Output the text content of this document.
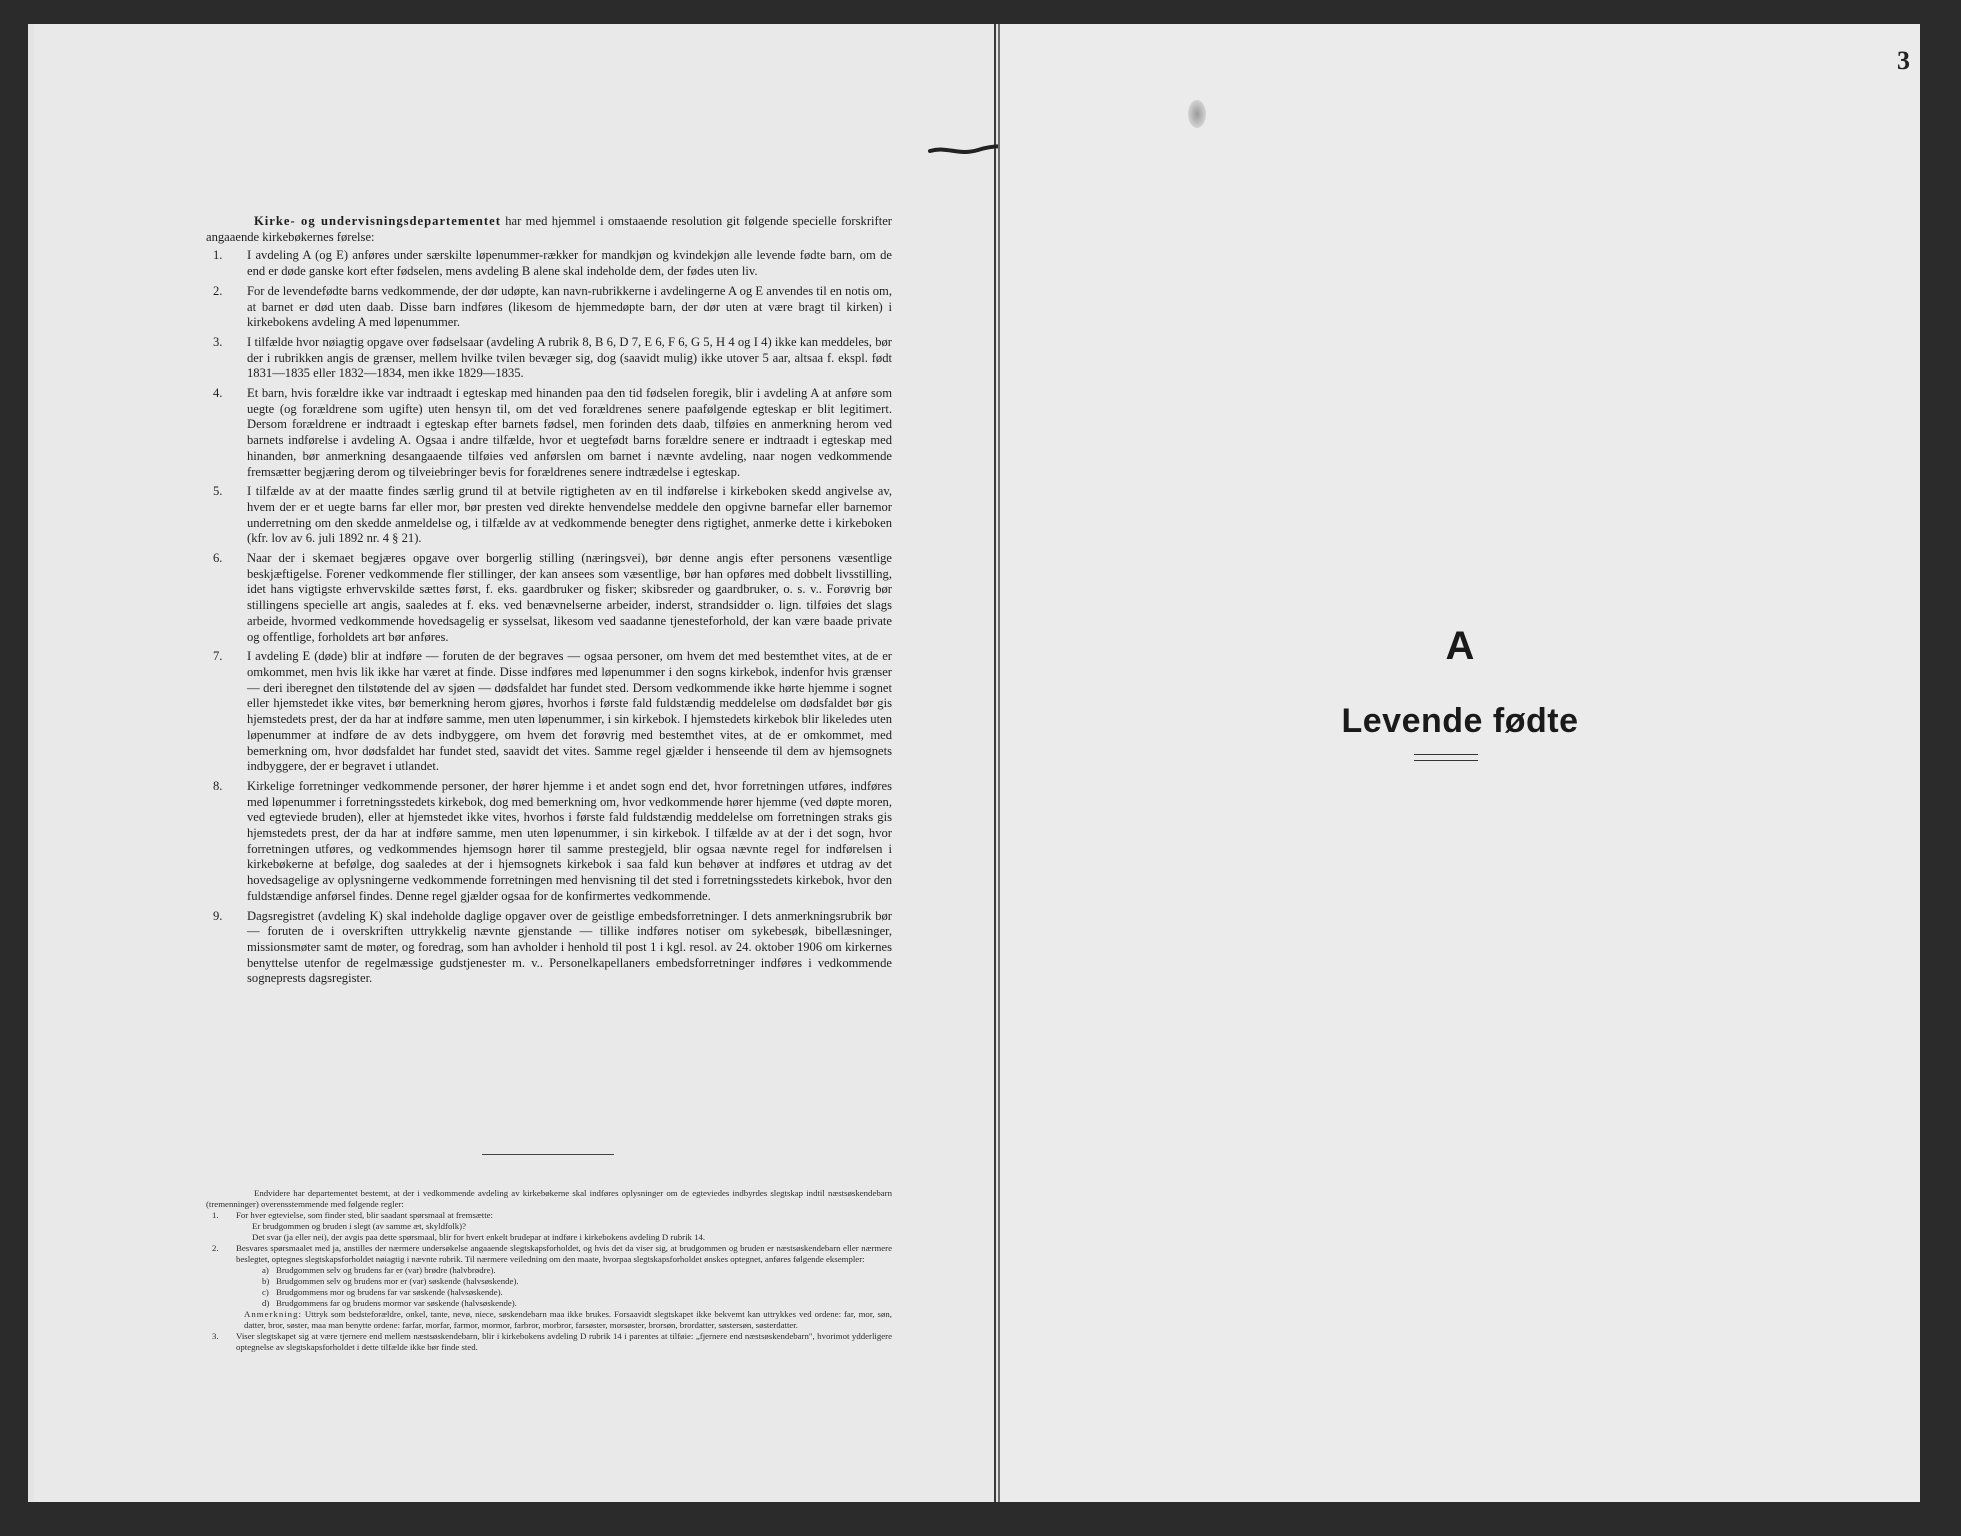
Kirke- og undervisningsdepartementet har med hjemmel i omstaaende resolution git følgende specielle forskrifter angaaende kirkebøkernes førelse:

1.	I avdeling A (og E) anføres under særskilte løpenummer-rækker for mandkjøn og kvindekjøn alle levende fødte barn, om de end er døde ganske kort efter fødselen, mens avdeling B alene skal indeholde dem, der fødes uten liv.
2.	For de levendefødte barns vedkommende, der dør udøpte, kan navn-rubrikkerne i avdelingerne A og E anvendes til en notis om, at barnet er død uten daab. Disse barn indføres (likesom de hjemmedøpte barn, der dør uten at være bragt til kirken) i kirkebokens avdeling A med løpenummer.
3.	I tilfælde hvor nøiagtig opgave over fødselsaar (avdeling A rubrik 8, B 6, D 7, E 6, F 6, G 5, H 4 og I 4) ikke kan meddeles, bør der i rubrikken angis de grænser, mellem hvilke tvilen bevæger sig, dog (saavidt mulig) ikke utover 5 aar, altsaa f. ekspl. født 1831—1835 eller 1832—1834, men ikke 1829—1835.
4.	Et barn, hvis forældre ikke var indtraadt i egteskap med hinanden paa den tid fødselen foregik, blir i avdeling A at anføre som uegte (og forældrene som ugifte) uten hensyn til, om det ved forældrenes senere paafølgende egteskap er blit legitimert. Dersom forældrene er indtraadt i egteskap efter barnets fødsel, men forinden dets daab, tilføies en anmerkning herom ved barnets indførelse i avdeling A. Ogsaa i andre tilfælde, hvor et uegtefødt barns forældre senere er indtraadt i egteskap med hinanden, bør anmerkning desangaaende tilføies ved anførslen om barnet i nævnte avdeling, naar nogen vedkommende fremsætter begjæring derom og tilveiebringer bevis for forældrenes senere indtrædelse i egteskap.
5.	I tilfælde av at der maatte findes særlig grund til at betvile rigtigheten av en til indførelse i kirkeboken skedd angivelse av, hvem der er et uegte barns far eller mor, bør presten ved direkte henvendelse meddele den opgivne barnefar eller barnemor underretning om den skedde anmeldelse og, i tilfælde av at vedkommende benegter dens rigtighet, anmerke dette i kirkeboken (kfr. lov av 6. juli 1892 nr. 4 § 21).
6.	Naar der i skemaet begjæres opgave over borgerlig stilling (næringsvei), bør denne angis efter personens væsentlige beskjæftigelse. Forener vedkommende fler stillinger, der kan ansees som væsentlige, bør han opføres med dobbelt livsstilling, idet hans vigtigste erhvervskilde sættes først, f. eks. gaardbruker og fisker; skibsreder og gaardbruker, o. s. v.. Forøvrig bør stillingens specielle art angis, saaledes at f. eks. ved benævnelserne arbeider, inderst, strandsidder o. lign. tilføies det slags arbeide, hvormed vedkommende hovedsagelig er sysselsat, likesom ved saadanne tjenesteforhold, der kan være baade private og offentlige, forholdets art bør anføres.
7.	I avdeling E (døde) blir at indføre — foruten de der begraves — ogsaa personer, om hvem det med bestemthet vites, at de er omkommet, men hvis lik ikke har været at finde. Disse indføres med løpenummer i den sogns kirkebok, indenfor hvis grænser — deri iberegnet den tilstøtende del av sjøen — dødsfaldet har fundet sted. Dersom vedkommende ikke hørte hjemme i sognet eller hjemstedet ikke vites, bør bemerkning herom gjøres, hvorhos i første fald fuldstændig meddelelse om dødsfaldet bør gis hjemstedets prest, der da har at indføre samme, men uten løpenummer, i sin kirkebok. I hjemstedets kirkebok blir likeledes uten løpenummer at indføre de av dets indbyggere, om hvem det forøvrig med bestemthet vites, at de er omkommet, med bemerkning om, hvor dødsfaldet har fundet sted, saavidt det vites. Samme regel gjælder i henseende til dem av hjemsognets indbyggere, der er begravet i utlandet.
8.	Kirkelige forretninger vedkommende personer, der hører hjemme i et andet sogn end det, hvor forretningen utføres, indføres med løpenummer i forretningsstedets kirkebok, dog med bemerkning om, hvor vedkommende hører hjemme (ved døpte moren, ved egteviede bruden), eller at hjemstedet ikke vites, hvorhos i første fald fuldstændig meddelelse om forretningen straks gis hjemstedets prest, der da har at indføre samme, men uten løpenummer, i sin kirkebok. I tilfælde av at der i det sogn, hvor forretningen utføres, og vedkommendes hjemsogn hører til samme prestegjeld, blir ogsaa nævnte regel for indførelsen i kirkebøkerne at befølge, dog saaledes at der i hjemsognets kirkebok i saa fald kun behøver at indføres et utdrag av det hovedsagelige av oplysningerne vedkommende forretningen med henvisning til det sted i forretningsstedets kirkebok, hvor den fuldstændige anførsel findes. Denne regel gjælder ogsaa for de konfirmertes vedkommende.
9.	Dagsregistret (avdeling K) skal indeholde daglige opgaver over de geistlige embedsforretninger. I dets anmerkningsrubrik bør — foruten de i overskriften uttrykkelig nævnte gjenstande — tillike indføres notiser om sykebesøk, bibellæsninger, missionsmøter samt de møter, og foredrag, som han avholder i henhold til post 1 i kgl. resol. av 24. oktober 1906 om kirkernes benyttelse utenfor de regelmæssige gudstjenester m. v.. Personelkapellaners embedsforretninger indføres i vedkommende sogneprests dagsregister.
Endvidere har departementet bestemt, at der i vedkommende avdeling av kirkebøkerne skal indføres oplysninger om de egteviedes indbyrdes slegtskap indtil næstsøskendebarn (tremenninger) overensstemmende med følgende regler:
1.	For hver egtevielse, som finder sted, blir saadant spørsmaal at fremsætte:
Er brudgommen og bruden i slegt (av samme æt, skyldfolk)?
Det svar (ja eller nei), der avgis paa dette spørsmaal, blir for hvert enkelt brudepar at indføre i kirkebokens avdeling D rubrik 14.
2.	Besvares spørsmaalet med ja, anstilles der nærmere undersøkelse angaaende slegtskapsforholdet, og hvis det da viser sig, at brudgommen og bruden er næstsøskendebarn eller nærmere beslegtet, optegnes slegtskapsforholdet nøiagtig i nævnte rubrik. Til nærmere veiledning om den maate, hvorpaa slegtskapsforholdet ønskes optegnet, anføres følgende eksempler:
a) Brudgommen selv og brudens far er (var) brødre (halvbrødre).
b) Brudgommen selv og brudens mor er (var) søskende (halvsøskende).
c) Brudgommens mor og brudens far var søskende (halvsøskende).
d) Brudgommens far og brudens mormor var søskende (halvsøskende).
Anmerkning: Uttryk som bedsteforældre, onkel, tante, nevø, niece, søskendebarn maa ikke brukes. Forsaavidt slegtskapet ikke bekvemt kan uttrykkes ved ordene: far, mor, søn, datter, bror, søster, maa man benytte ordene: farfar, morfar, farmor, mormor, farbror, morbror, farsøster, morsøster, brorsøn, brordatter, søstersøn, søsterdatter.
3.	Viser slegtskapet sig at være tjernere end mellem næstsøskendebarn, blir i kirkebokens avdeling D rubrik 14 i parentes at tilføie: „fjernere end næstsøskendebarn", hvorimot ydderligere optegnelse av slegtskapsforholdet i dette tilfælde ikke bør finde sted.
3
A
Levende fødte
